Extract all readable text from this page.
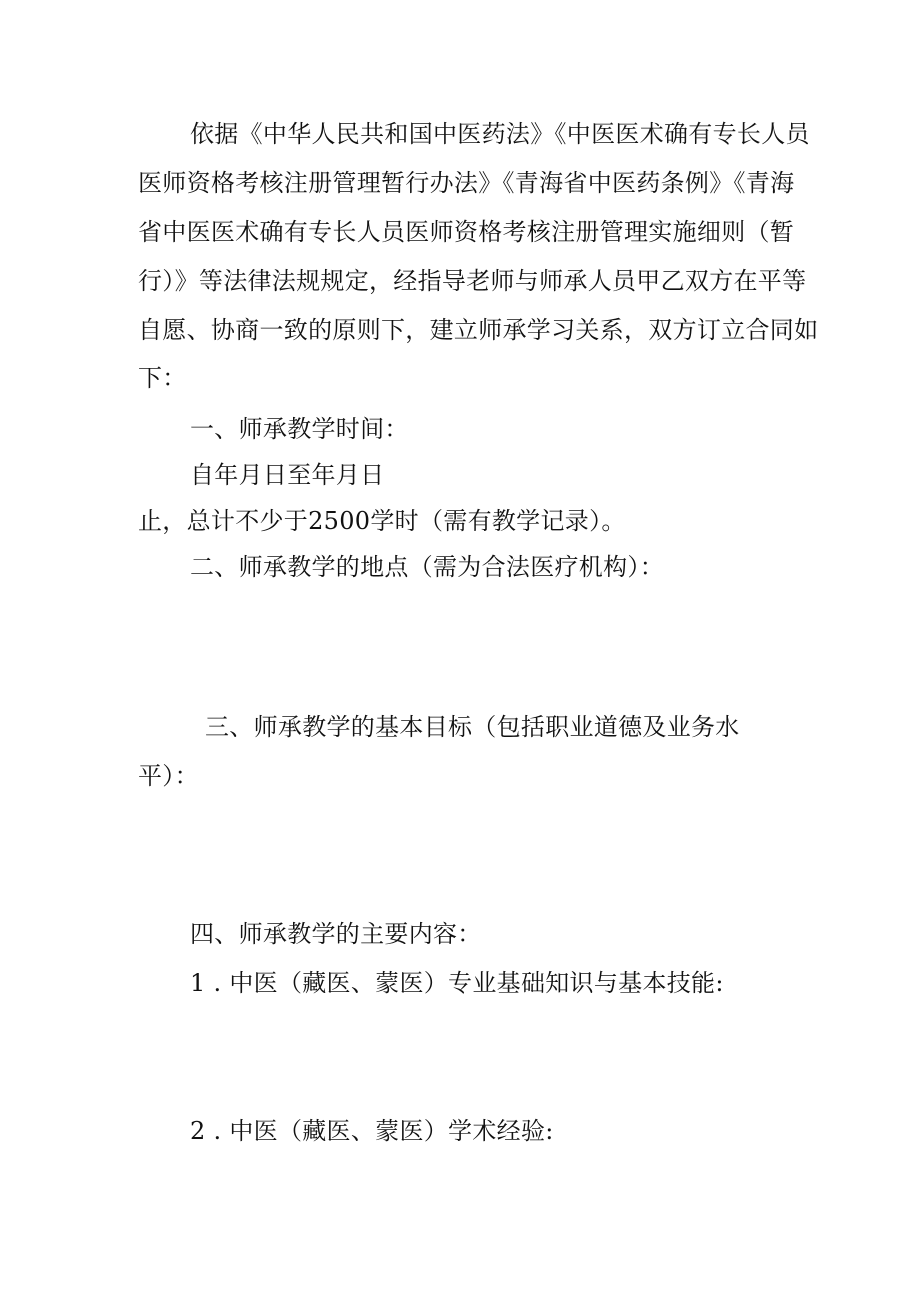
依据《中华人民共和国中医药法》《中医医术确有专长人员
医师资格考核注册管理暂行办法》《青海省中医药条例》《青海
省中医医术确有专长人员医师资格考核注册管理实施细则（暂
行）》等法律法规规定，经指导老师与师承人员甲乙双方在平等
自愿、协商一致的原则下，建立师承学习关系，双方订立合同如
下：
一、师承教学时间：
自年月日至年月日
止，总计不少于2500学时（需有教学记录）。
二、师承教学的地点（需为合法医疗机构）：
三、师承教学的基本目标（包括职业道德及业务水
平）：
四、师承教学的主要内容：
1 . 中医（藏医、蒙医）专业基础知识与基本技能:
2 . 中医（藏医、蒙医）学术经验:
